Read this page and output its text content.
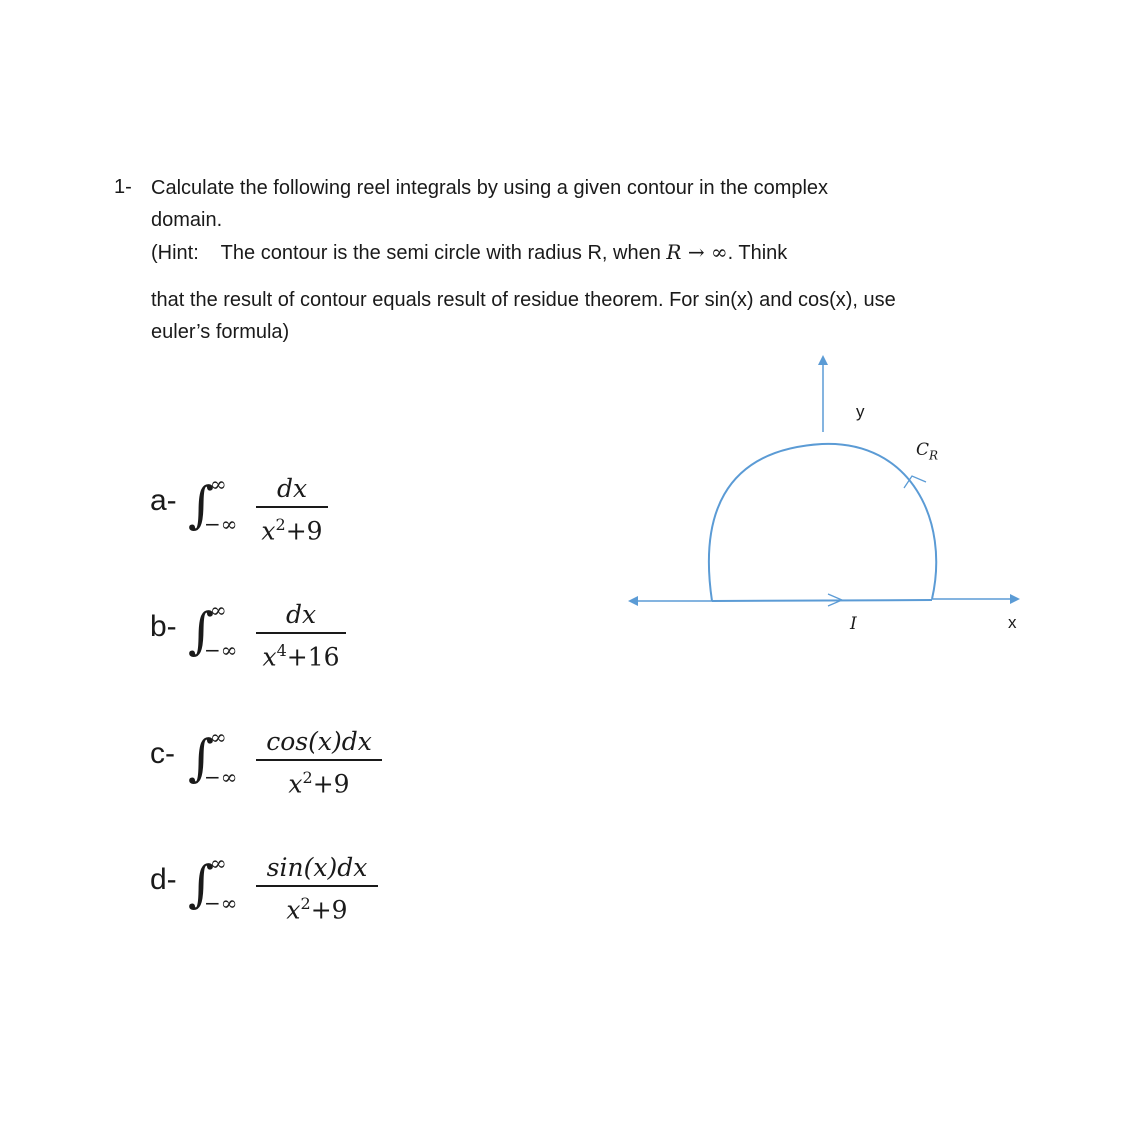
1- Calculate the following reel integrals by using a given contour in the complex
domain.
(Hint: The contour is the semi circle with radius R, when R → ∞. Think
that the result of contour equals result of residue theorem. For sin(x) and cos(x), use
euler’s formula)
a- ∫
∞
−∞
dx
$x^2+9$
b- ∫
∞
−∞
dx
$x^4+16$
c- ∫
∞
−∞
cos(x)dx
$x^2+9$
d- ∫
∞
−∞
sin(x)dx
$x^2+9$
y
x
$C_R$
I
